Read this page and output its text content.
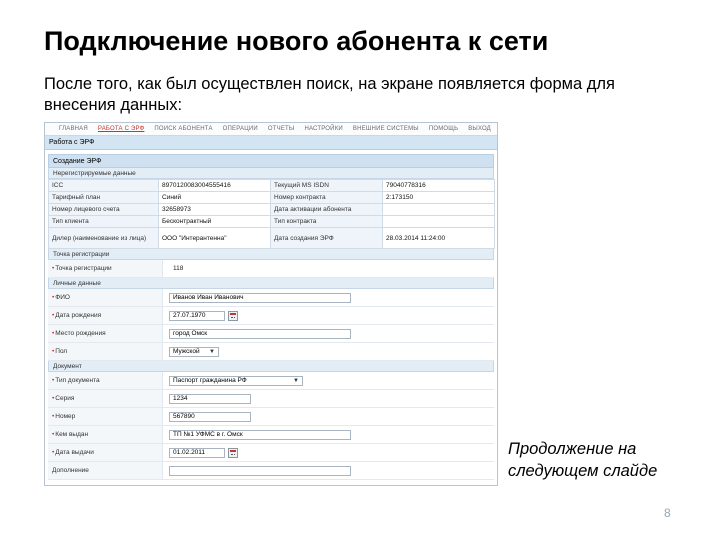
Подключение нового абонента к сети
После того, как был осуществлен поиск, на экране появляется форма для внесения данных:
ГЛАВНАЯ РАБОТА С ЭРФ ПОИСК АБОНЕНТА ОПЕРАЦИИ ОТЧЕТЫ НАСТРОЙКИ ВНЕШНИЕ СИСТЕМЫ ПОМОЩЬ ВЫХОД
Работа с ЭРФ
Создание ЭРФ
Нерегистрируемые данные
ICC	8970120083004555416	Текущий MS ISDN	79040778316
Тарифный план	Синий	Номер контракта	2:173150
Номер лицевого счета	32658973	Дата активации абонента	
Тип клиента	Бесконтрактный	Тип контракта	
Дилер (наименование из лица)	ООО "Интерантенна"	Дата создания ЭРФ	28.03.2014 11:24:00
Точка регистрации
• Точка регистрации	118
Личные данные
• ФИО	Иванов Иван Иванович
• Дата рождения	27.07.1970
• Место рождения	город Омск
• Пол	Мужской ▼
Документ
• Тип документа	Паспорт гражданина РФ	▼
• Серия	1234
• Номер	567890
• Кем выдан	ТП №1 УФМС в г. Омск
• Дата выдачи	01.02.2011
Дополнение
Продолжение на следующем слайде
8
